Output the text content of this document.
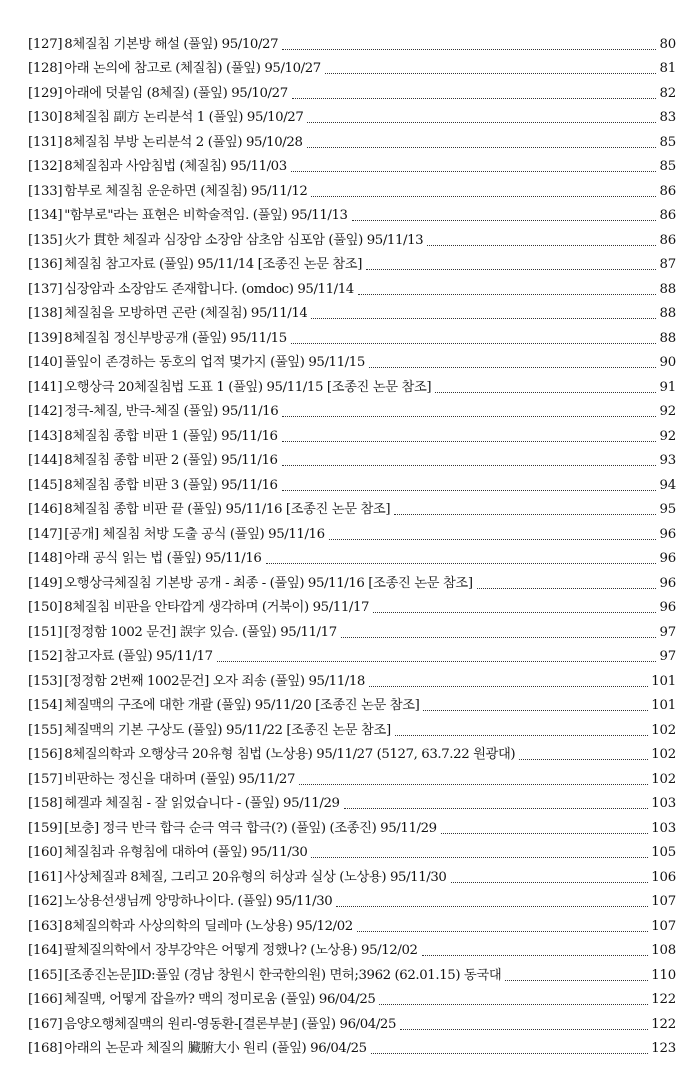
[127] 8체질침 기본방 해설 (풀잎) 95/10/27	80
[128] 아래 논의에 참고로 (체질침) (풀잎) 95/10/27	81
[129] 아래에 덧붙임 (8체질) (풀잎) 95/10/27	82
[130] 8체질침 副方 논리분석 1 (풀잎) 95/10/27	83
[131] 8체질침 부방 논리분석 2 (풀잎) 95/10/28	85
[132] 8체질침과 사암침법 (체질침) 95/11/03	85
[133] 함부로 체질침 운운하면 (체질침) 95/11/12	86
[134] "함부로"라는 표현은 비학술적임. (풀잎) 95/11/13	86
[135] 火가 貫한 체질과 심장암 소장암 삼초암 심포암 (풀잎) 95/11/13	86
[136] 체질침 참고자료 (풀잎) 95/11/14 [조종진 논문 참조]	87
[137] 심장암과 소장암도 존재합니다. (omdoc) 95/11/14	88
[138] 체질침을 모방하면 곤란 (체질침) 95/11/14	88
[139] 8체질침 정신부방공개 (풀잎) 95/11/15	88
[140] 풀잎이 존경하는 동호의 업적 몇가지 (풀잎) 95/11/15	90
[141] 오행상극 20체질침법 도표 1 (풀잎) 95/11/15 [조종진 논문 참조]	91
[142] 정극-체질, 반극-체질 (풀잎) 95/11/16	92
[143] 8체질침 종합 비판 1 (풀잎) 95/11/16	92
[144] 8체질침 종합 비판 2 (풀잎) 95/11/16	93
[145] 8체질침 종합 비판 3 (풀잎) 95/11/16	94
[146] 8체질침 종합 비판 끝 (풀잎) 95/11/16 [조종진 논문 참조]	95
[147] [공개] 체질침 처방 도출 공식 (풀잎) 95/11/16	96
[148] 아래 공식 읽는 법 (풀잎) 95/11/16	96
[149] 오행상극체질침 기본방 공개 - 최종 - (풀잎) 95/11/16 [조종진 논문 참조]	96
[150] 8체질침 비판을 안타깝게 생각하며 (거북이) 95/11/17	96
[151] [정정함 1002 문건] 誤字 있슴. (풀잎) 95/11/17	97
[152] 참고자료 (풀잎) 95/11/17	97
[153] [정정함 2번째 1002문건] 오자 죄송 (풀잎) 95/11/18	101
[154] 체질맥의 구조에 대한 개괄 (풀잎) 95/11/20 [조종진 논문 참조]	101
[155] 체질맥의 기본 구상도 (풀잎) 95/11/22 [조종진 논문 참조]	102
[156] 8체질의학과 오행상극 20유형 침법 (노상용) 95/11/27 (5127, 63.7.22 원광대)	102
[157] 비판하는 정신을 대하며 (풀잎) 95/11/27	102
[158] 헤겔과 체질침 - 잘 읽었습니다 - (풀잎) 95/11/29	103
[159] [보충] 정극 반극 합극 순극 역극 합극(?) (풀잎) (조종진) 95/11/29	103
[160] 체질침과 유형침에 대하여 (풀잎) 95/11/30	105
[161] 사상체질과 8체질, 그리고 20유형의 허상과 실상 (노상용) 95/11/30	106
[162] 노상용선생님께 앙망하나이다. (풀잎) 95/11/30	107
[163] 8체질의학과 사상의학의 딜레마 (노상용) 95/12/02	107
[164] 팔체질의학에서 장부강약은 어떻게 정했나? (노상용) 95/12/02	108
[165] [조종진논문]ID:풀잎 (경남 창원시 한국한의원) 면허;3962 (62.01.15) 동국대	110
[166] 체질맥, 어떻게 잡을까? 맥의 정미로움 (풀잎) 96/04/25	122
[167] 음양오행체질맥의 원리-영동환-[결론부분] (풀잎) 96/04/25	122
[168] 아래의 논문과 체질의 臟腑大小 원리 (풀잎) 96/04/25	123
